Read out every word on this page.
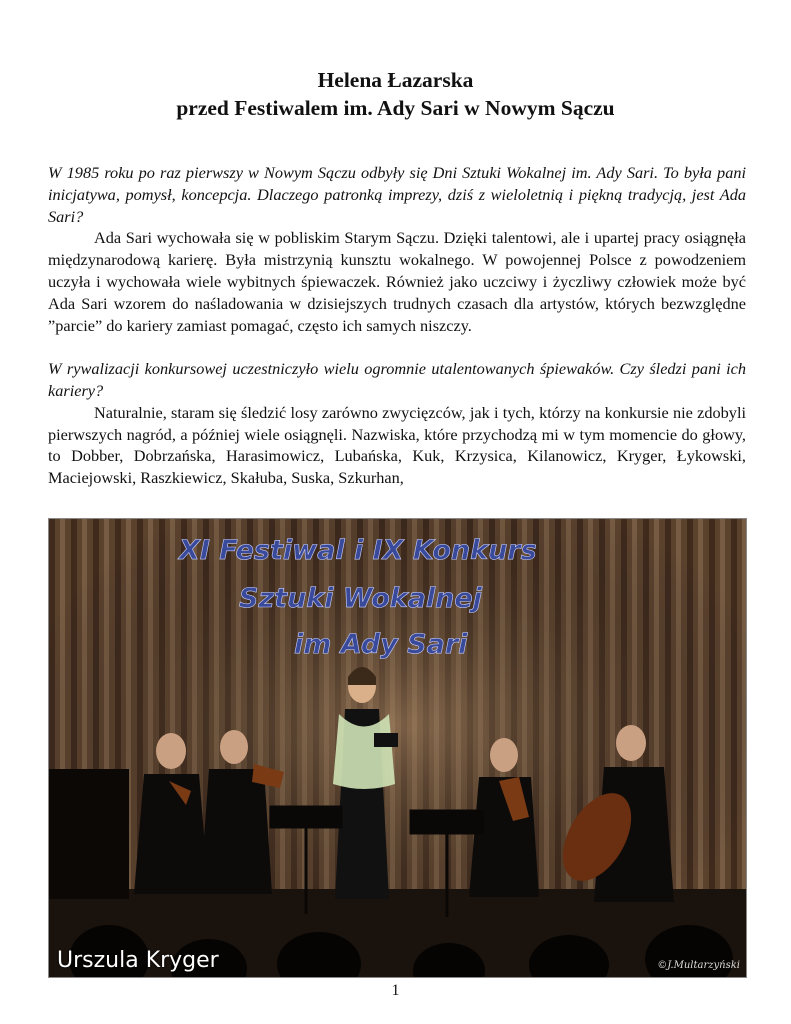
Helena Łazarska
przed Festiwalem im. Ady Sari w Nowym Sączu

W 1985 roku po raz pierwszy w Nowym Sączu odbyły się Dni Sztuki Wokalnej im. Ady Sari. To była pani inicjatywa, pomysł, koncepcja. Dlaczego patronką imprezy, dziś z wieloletnią i piękną tradycją, jest Ada Sari?

Ada Sari wychowała się w pobliskim Starym Sączu. Dzięki talentowi, ale i upartej pracy osiągnęła międzynarodową karierę. Była mistrzynią kunsztu wokalnego. W powojennej Polsce z powodzeniem uczyła i wychowała wiele wybitnych śpiewaczek. Również jako uczciwy i życzliwy człowiek może być Ada Sari wzorem do naśladowania w dzisiejszych trudnych czasach dla artystów, których bezwzględne ”parcie” do kariery zamiast pomagać, często ich samych niszczy.

W rywalizacji konkursowej uczestniczyło wielu ogromnie utalentowanych śpiewaków. Czy śledzi pani ich kariery?

Naturalnie, staram się śledzić losy zarówno zwycięzców, jak i tych, którzy na konkursie nie zdobyli pierwszych nagród, a później wiele osiągnęli. Nazwiska, które przychodzą mi w tym momencie do głowy, to Dobber, Dobrzańska, Harasimowicz, Lubańska, Kuk, Krzysica, Kilanowicz, Kryger, Łykowski, Maciejowski, Raszkiewicz, Skałuba, Suska, Szkurhan,

XI Festiwal i IX Konkurs
Sztuki Wokalnej
im Ady Sari
Urszula Kryger	©J.Multarzyński
1
